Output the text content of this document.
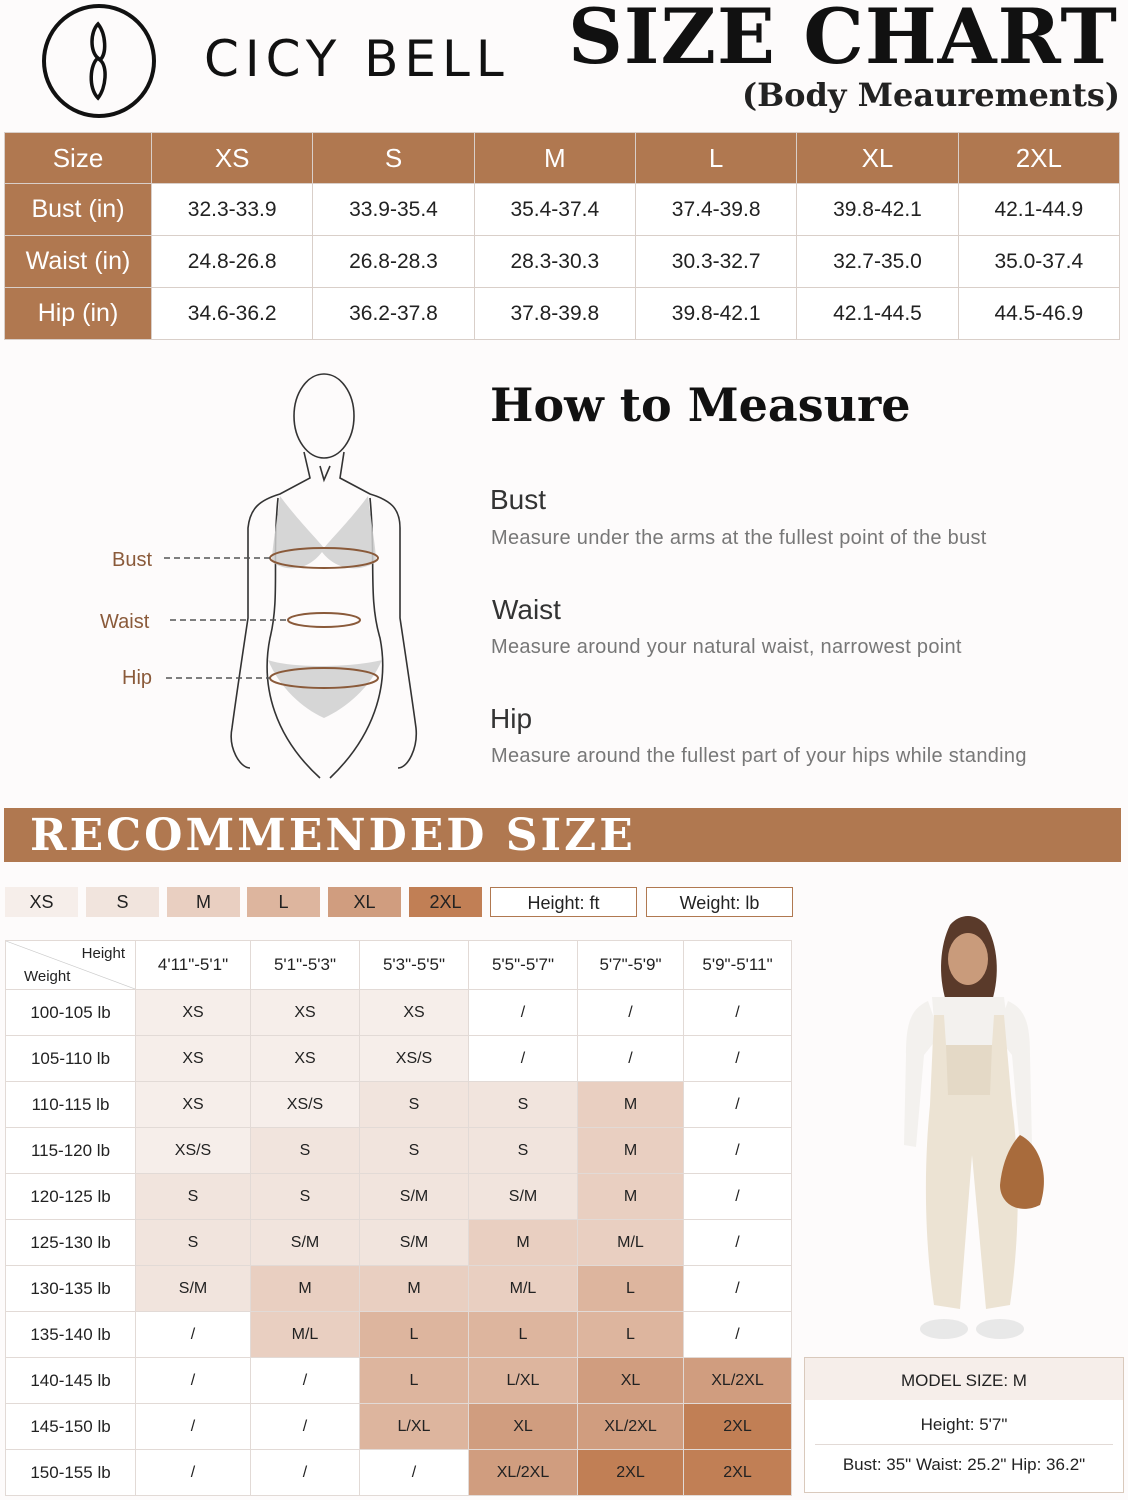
CICY BELL SIZE CHART
(Body Meaurements)
Size	XS	S	M	L	XL	2XL
Bust (in)	32.3-33.9	33.9-35.4	35.4-37.4	37.4-39.8	39.8-42.1	42.1-44.9
Waist (in)	24.8-26.8	26.8-28.3	28.3-30.3	30.3-32.7	32.7-35.0	35.0-37.4
Hip (in)	34.6-36.2	36.2-37.8	37.8-39.8	39.8-42.1	42.1-44.5	44.5-46.9
Bust
Waist
Hip
How to Measure
Bust
Measure under the arms at the fullest point of the bust
Waist
Measure around your natural waist, narrowest point
Hip
Measure around the fullest part of your hips while standing
RECOMMENDED SIZE
XS	S	M	L	XL	2XL	Height: ft	Weight: lb
Height
Weight	4'11"-5'1"	5'1"-5'3"	5'3"-5'5"	5'5"-5'7"	5'7"-5'9"	5'9"-5'11"
100-105 lb	XS	XS	XS	/	/	/
105-110 lb	XS	XS	XS/S	/	/	/
110-115 lb	XS	XS/S	S	S	M	/
115-120 lb	XS/S	S	S	S	M	/
120-125 lb	S	S	S/M	S/M	M	/
125-130 lb	S	S/M	S/M	M	M/L	/
130-135 lb	S/M	M	M	M/L	L	/
135-140 lb	/	M/L	L	L	L	/
140-145 lb	/	/	L	L/XL	XL	XL/2XL
145-150 lb	/	/	L/XL	XL	XL/2XL	2XL
150-155 lb	/	/	/	XL/2XL	2XL	2XL
MODEL SIZE: M
Height: 5'7"
Bust: 35" Waist: 25.2" Hip: 36.2"
